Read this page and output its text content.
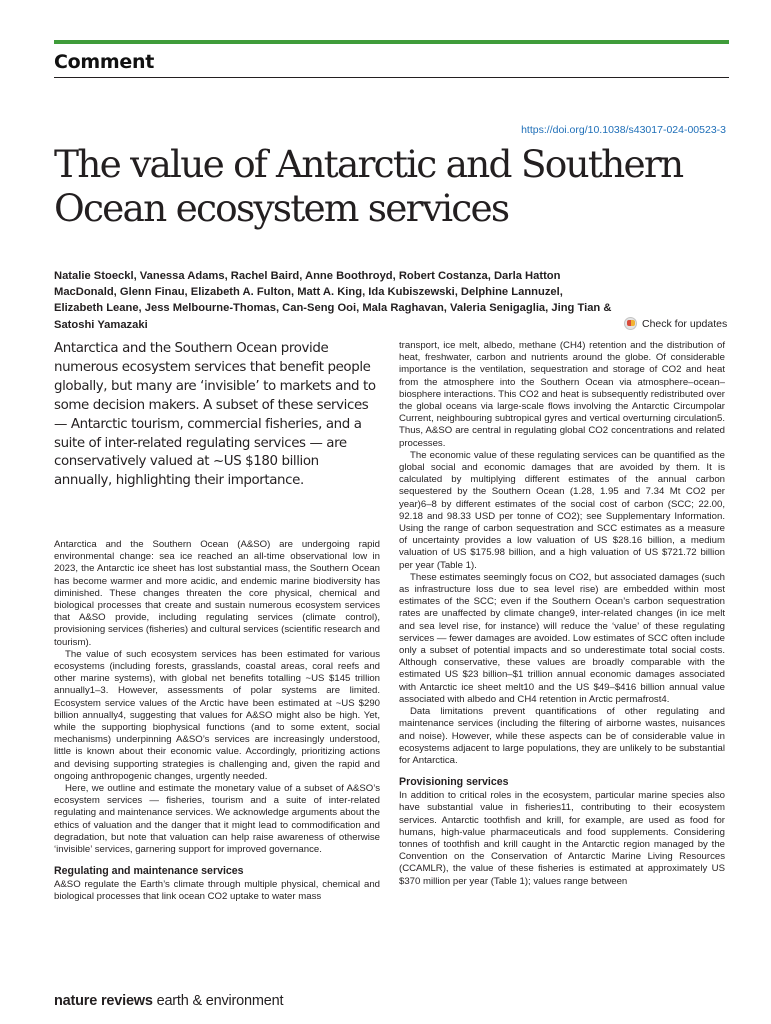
Comment
https://doi.org/10.1038/s43017-024-00523-3
The value of Antarctic and Southern Ocean ecosystem services
Natalie Stoeckl, Vanessa Adams, Rachel Baird, Anne Boothroyd, Robert Costanza, Darla Hatton MacDonald, Glenn Finau, Elizabeth A. Fulton, Matt A. King, Ida Kubiszewski, Delphine Lannuzel, Elizabeth Leane, Jess Melbourne-Thomas, Can-Seng Ooi, Mala Raghavan, Valeria Senigaglia, Jing Tian & Satoshi Yamazaki	Check for updates
Antarctica and the Southern Ocean provide numerous ecosystem services that benefit people globally, but many are ‘invisible’ to markets and to some decision makers. A subset of these services — Antarctic tourism, commercial fisheries, and a suite of inter-related regulating services — are conservatively valued at ~US $180 billion annually, highlighting their importance.

Antarctica and the Southern Ocean (A&SO) are undergoing rapid environmental change: sea ice reached an all-time observational low in 2023, the Antarctic ice sheet has lost substantial mass, the Southern Ocean has become warmer and more acidic, and endemic marine biodiversity has diminished. These changes threaten the core physical, chemical and biological processes that create and sustain numerous ecosystem services that A&SO provide, including regulating services (climate control), provisioning services (fisheries) and cultural services (scientific research and tourism).

The value of such ecosystem services has been estimated for various ecosystems (including forests, grasslands, coastal areas, coral reefs and other marine systems), with global net benefits totalling ~US $145 trillion annually1–3. However, assessments of polar systems are limited. Ecosystem service values of the Arctic have been estimated at ~US $290 billion annually4, suggesting that values for A&SO might also be high. Yet, while the supporting biophysical functions (and to some extent, social mechanisms) underpinning A&SO’s services are increasingly understood, little is known about their economic value. Accordingly, prioritizing actions and devising supporting strategies is challenging and, given the rapid and ongoing anthropogenic changes, urgently needed.

Here, we outline and estimate the monetary value of a subset of A&SO’s ecosystem services — fisheries, tourism and a suite of inter-related regulating and maintenance services. We acknowledge arguments about the ethics of valuation and the danger that it might lead to commodification and degradation, but note that valuation can help raise awareness of otherwise ‘invisible’ services, garnering support for improved governance.

Regulating and maintenance services

A&SO regulate the Earth’s climate through multiple physical, chemical and biological processes that link ocean CO2 uptake to water mass

transport, ice melt, albedo, methane (CH4) retention and the distribution of heat, freshwater, carbon and nutrients around the globe. Of considerable importance is the ventilation, sequestration and storage of CO2 and heat from the atmosphere into the Southern Ocean via atmosphere–ocean–biosphere interactions. This CO2 and heat is subsequently redistributed over the global oceans via large-scale flows involving the Antarctic Circumpolar Current, neighbouring subtropical gyres and vertical overturning circulation5. Thus, A&SO are central in regulating global CO2 concentrations and related processes.

The economic value of these regulating services can be quantified as the global social and economic damages that are avoided by them. It is calculated by multiplying different estimates of the annual carbon sequestered by the Southern Ocean (1.28, 1.95 and 7.34 Mt CO2 per year)6–8 by different estimates of the social cost of carbon (SCC; 22.00, 92.18 and 98.33 USD per tonne of CO2); see Supplementary Information. Using the range of carbon sequestration and SCC estimates as a measure of uncertainty provides a low valuation of US $28.16 billion, a medium valuation of US $175.98 billion, and a high valuation of US $721.72 billion per year (Table 1).

These estimates seemingly focus on CO2, but associated damages (such as infrastructure loss due to sea level rise) are embedded within most estimates of the SCC; even if the Southern Ocean’s carbon sequestration rates are unaffected by climate change9, inter-related changes (in ice melt and sea level rise, for instance) will reduce the ‘value’ of these regulating services — fewer damages are avoided. Low estimates of SCC often include only a subset of potential impacts and so underestimate total social costs. Although conservative, these values are broadly comparable with the estimated US $23 billion–$1 trillion annual economic damages associated with Antarctic ice sheet melt10 and the US $49–$416 billion annual value associated with albedo and CH4 retention in Arctic permafrost4.

Data limitations prevent quantifications of other regulating and maintenance services (including the filtering of airborne wastes, nuisances and noise). However, while these aspects can be of considerable value in ecosystems adjacent to large populations, they are unlikely to be substantial for Antarctica.

Provisioning services

In addition to critical roles in the ecosystem, particular marine species also have substantial value in fisheries11, contributing to their ecosystem services. Antarctic toothfish and krill, for example, are used as food for humans, high-value pharmaceuticals and food supplements. Considering tonnes of toothfish and krill caught in the Antarctic region managed by the Convention on the Conservation of Antarctic Marine Living Resources (CCAMLR), the value of these fisheries is estimated at approximately US $370 million per year (Table 1); values range between

nature reviews earth & environment
